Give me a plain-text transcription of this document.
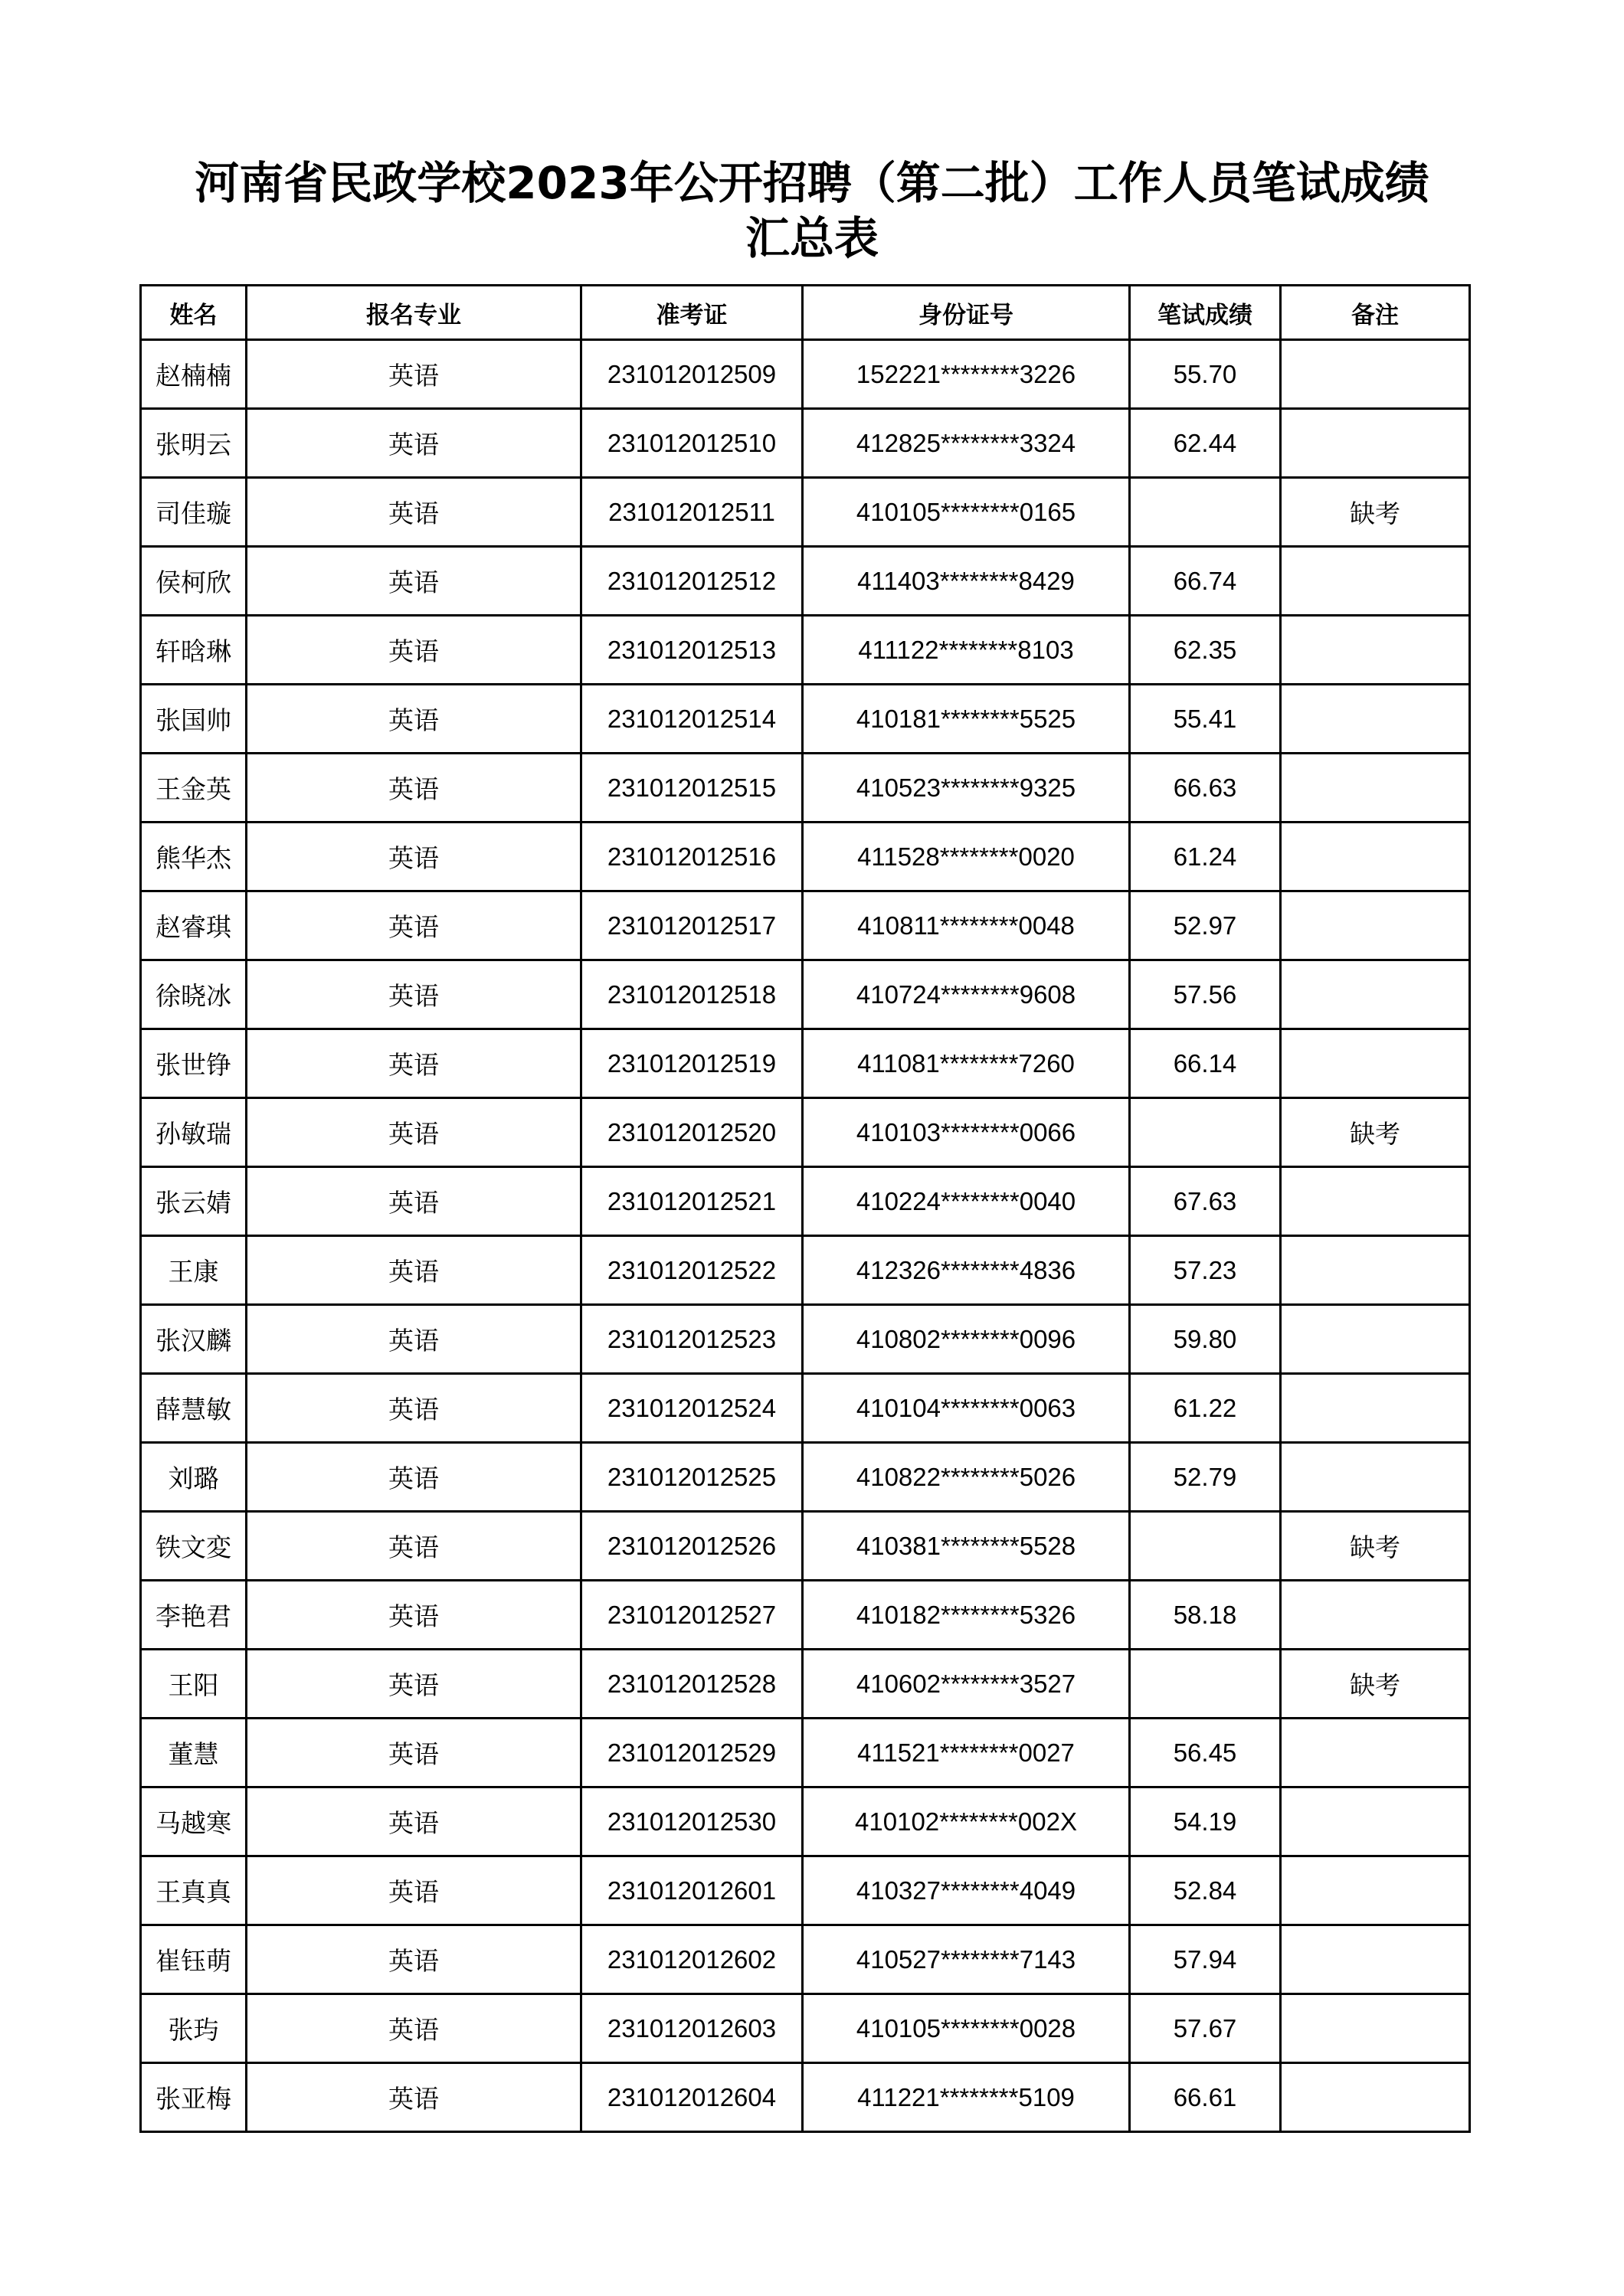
河南省民政学校2023年公开招聘（第二批）工作人员笔试成绩
汇总表
姓名	报名专业	准考证	身份证号	笔试成绩	备注
赵楠楠	英语	231012012509	152221********3226	55.70	
张明云	英语	231012012510	412825********3324	62.44	
司佳璇	英语	231012012511	410105********0165		缺考
侯柯欣	英语	231012012512	411403********8429	66.74	
轩晗琳	英语	231012012513	411122********8103	62.35	
张国帅	英语	231012012514	410181********5525	55.41	
王金英	英语	231012012515	410523********9325	66.63	
熊华杰	英语	231012012516	411528********0020	61.24	
赵睿琪	英语	231012012517	410811********0048	52.97	
徐晓冰	英语	231012012518	410724********9608	57.56	
张世铮	英语	231012012519	411081********7260	66.14	
孙敏瑞	英语	231012012520	410103********0066		缺考
张云婧	英语	231012012521	410224********0040	67.63	
王康	英语	231012012522	412326********4836	57.23	
张汉麟	英语	231012012523	410802********0096	59.80	
薛慧敏	英语	231012012524	410104********0063	61.22	
刘璐	英语	231012012525	410822********5026	52.79	
铁文変	英语	231012012526	410381********5528		缺考
李艳君	英语	231012012527	410182********5326	58.18	
王阳	英语	231012012528	410602********3527		缺考
董慧	英语	231012012529	411521********0027	56.45	
马越寒	英语	231012012530	410102********002X	54.19	
王真真	英语	231012012601	410327********4049	52.84	
崔钰萌	英语	231012012602	410527********7143	57.94	
张玙	英语	231012012603	410105********0028	57.67	
张亚梅	英语	231012012604	411221********5109	66.61	
